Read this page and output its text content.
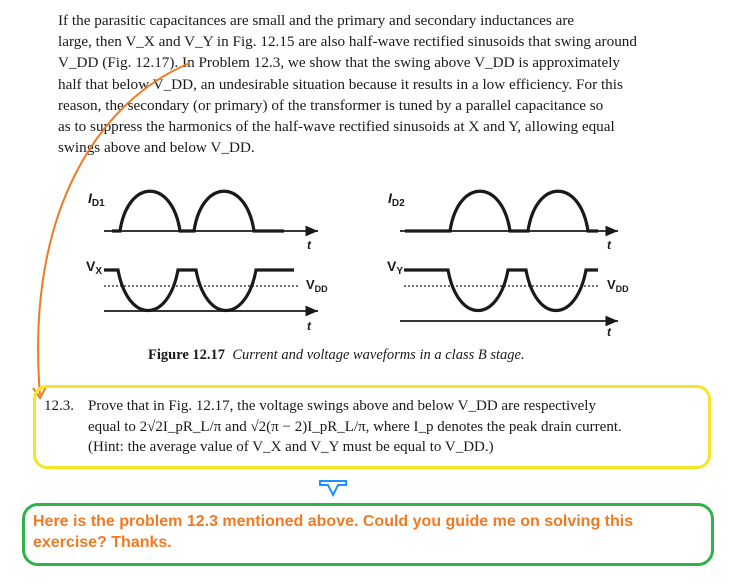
If the parasitic capacitances are small and the primary and secondary inductances are
large, then V_X and V_Y in Fig. 12.15 are also half-wave rectified sinusoids that swing around
V_DD (Fig. 12.17). In Problem 12.3, we show that the swing above V_DD is approximately
half that below V_DD, an undesirable situation because it results in a low efficiency. For this
reason, the secondary (or primary) of the transformer is tuned by a parallel capacitance so
as to suppress the harmonics of the half-wave rectified sinusoids at X and Y, allowing equal
swings above and below V_DD.
$I_{D1}$
$V_X$
t
$V_{DD}$
t
$I_{D2}$
$V_Y$
t
$V_{DD}$
t
Figure 12.17 Current and voltage waveforms in a class B stage.
12.3. Prove that in Fig. 12.17, the voltage swings above and below V_DD are respectively
equal to 2√2I_pR_L/π and √2(π − 2)I_pR_L/π, where I_p denotes the peak drain current.
(Hint: the average value of V_X and V_Y must be equal to V_DD.)
Here is the problem 12.3 mentioned above. Could you guide me on solving this exercise? Thanks.
